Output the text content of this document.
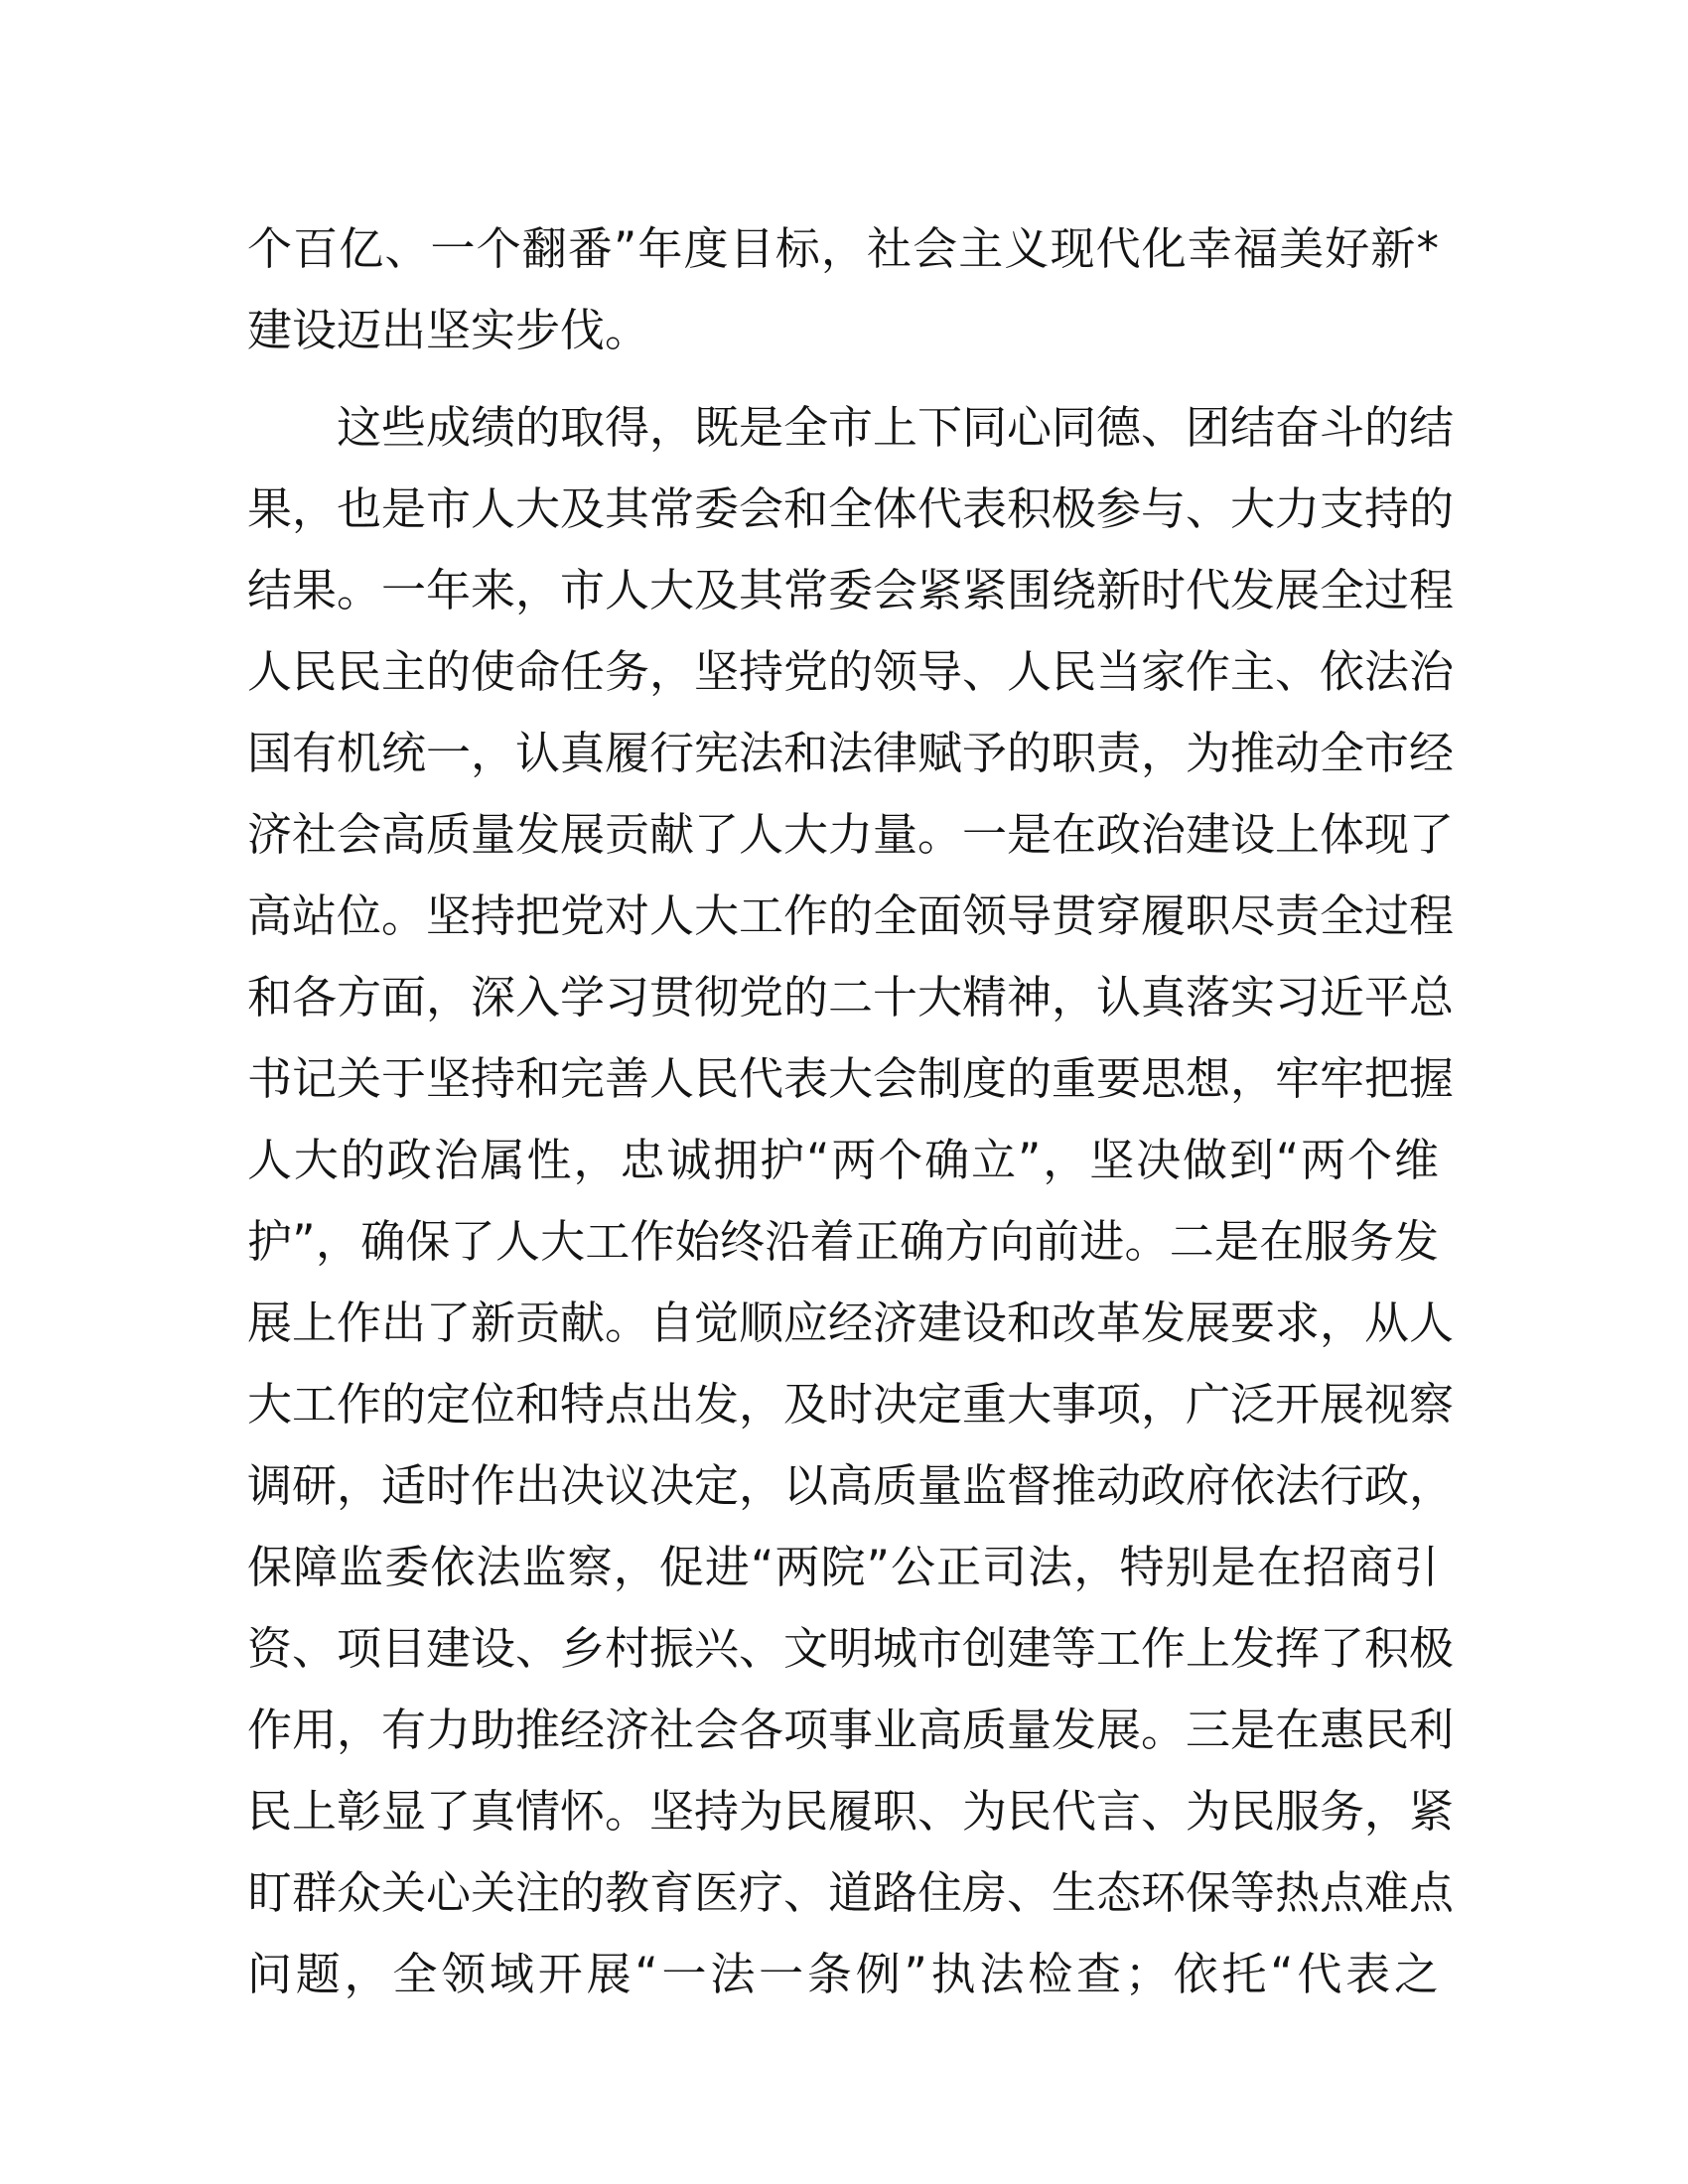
个百亿、一个翻番”年度目标，社会主义现代化幸福美好新*
建设迈出坚实步伐。
这些成绩的取得，既是全市上下同心同德、团结奋斗的结
果，也是市人大及其常委会和全体代表积极参与、大力支持的
结果。一年来，市人大及其常委会紧紧围绕新时代发展全过程
人民民主的使命任务，坚持党的领导、人民当家作主、依法治
国有机统一，认真履行宪法和法律赋予的职责，为推动全市经
济社会高质量发展贡献了人大力量。一是在政治建设上体现了
高站位。坚持把党对人大工作的全面领导贯穿履职尽责全过程
和各方面，深入学习贯彻党的二十大精神，认真落实习近平总
书记关于坚持和完善人民代表大会制度的重要思想，牢牢把握
人大的政治属性，忠诚拥护“两个确立”，坚决做到“两个维
护”，确保了人大工作始终沿着正确方向前进。二是在服务发
展上作出了新贡献。自觉顺应经济建设和改革发展要求，从人
大工作的定位和特点出发，及时决定重大事项，广泛开展视察
调研，适时作出决议决定，以高质量监督推动政府依法行政，
保障监委依法监察，促进“两院”公正司法，特别是在招商引
资、项目建设、乡村振兴、文明城市创建等工作上发挥了积极
作用，有力助推经济社会各项事业高质量发展。三是在惠民利
民上彰显了真情怀。坚持为民履职、为民代言、为民服务，紧
盯群众关心关注的教育医疗、道路住房、生态环保等热点难点
问题，全领域开展“一法一条例”执法检查；依托“代表之
